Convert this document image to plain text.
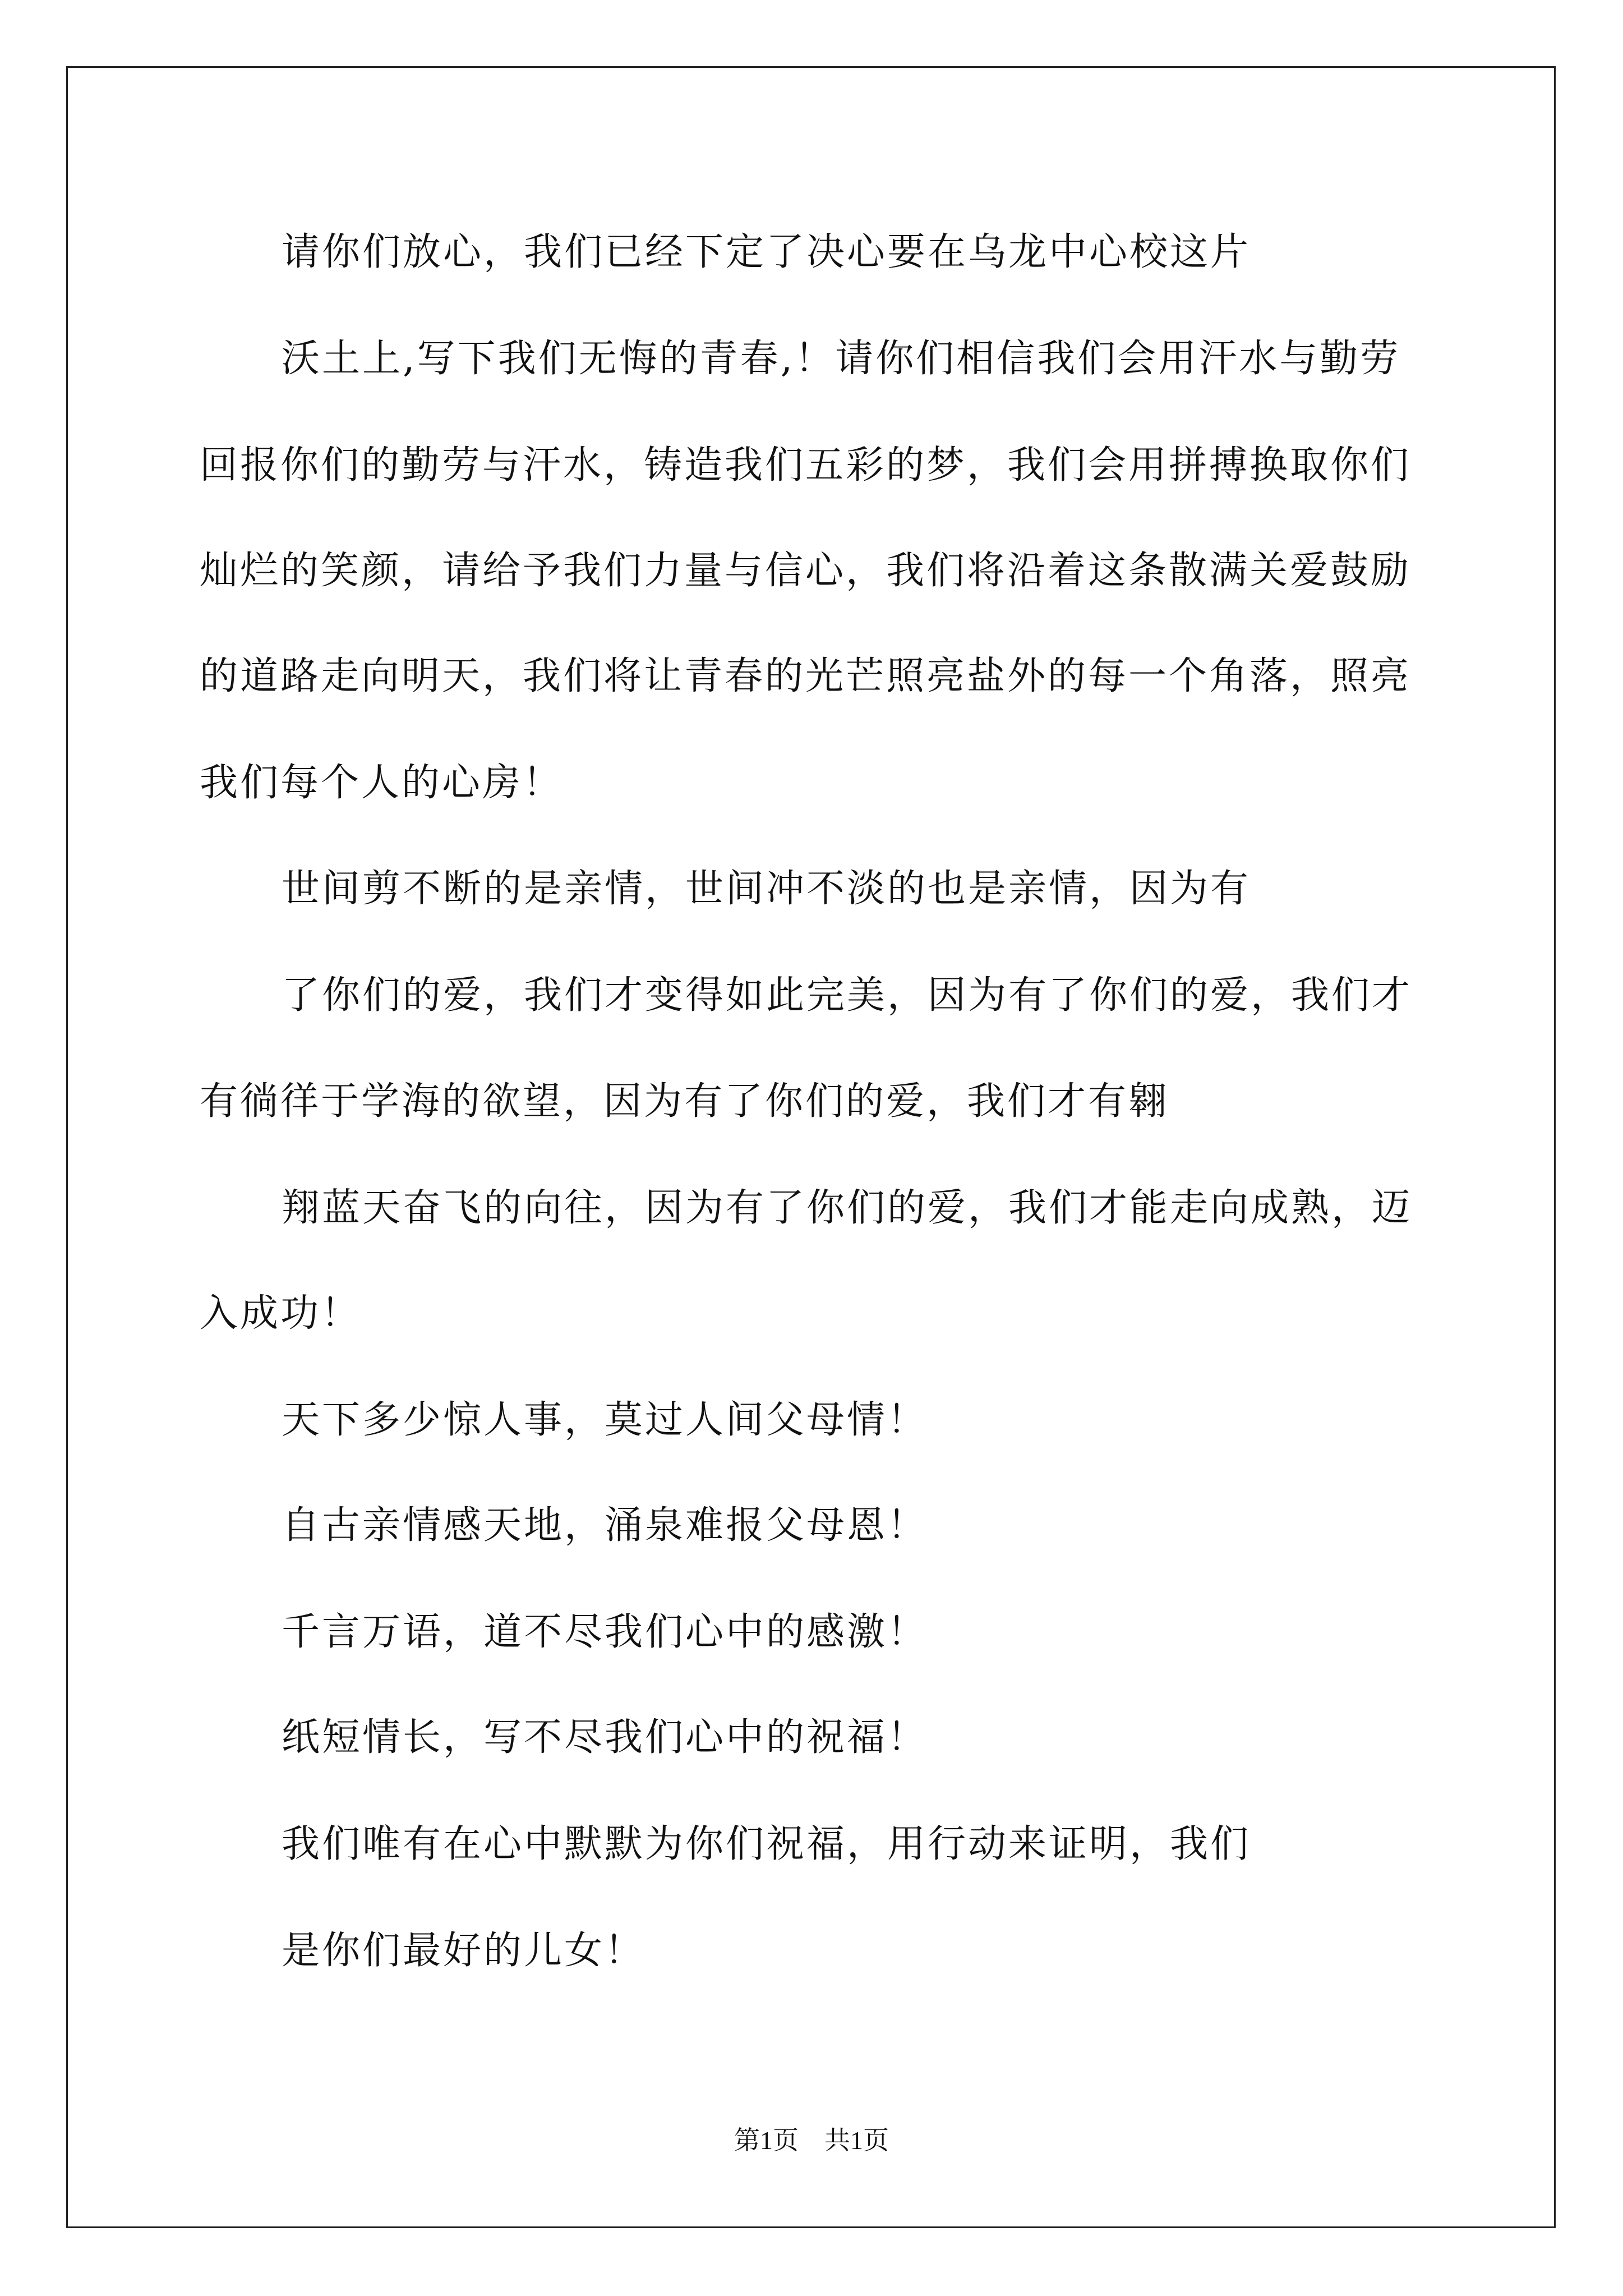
请你们放心，我们已经下定了决心要在乌龙中心校这片
沃土上,写下我们无悔的青春,！请你们相信我们会用汗水与勤劳
回报你们的勤劳与汗水，铸造我们五彩的梦，我们会用拼搏换取你们
灿烂的笑颜，请给予我们力量与信心，我们将沿着这条散满关爱鼓励
的道路走向明天，我们将让青春的光芒照亮盐外的每一个角落，照亮
我们每个人的心房！
世间剪不断的是亲情，世间冲不淡的也是亲情，因为有
了你们的爱，我们才变得如此完美，因为有了你们的爱，我们才
有徜徉于学海的欲望，因为有了你们的爱，我们才有翱
翔蓝天奋飞的向往，因为有了你们的爱，我们才能走向成熟，迈
入成功！
天下多少惊人事，莫过人间父母情！
自古亲情感天地，涌泉难报父母恩！
千言万语，道不尽我们心中的感激！
纸短情长，写不尽我们心中的祝福！
我们唯有在心中默默为你们祝福，用行动来证明，我们
是你们最好的儿女！
第1页　共1页
